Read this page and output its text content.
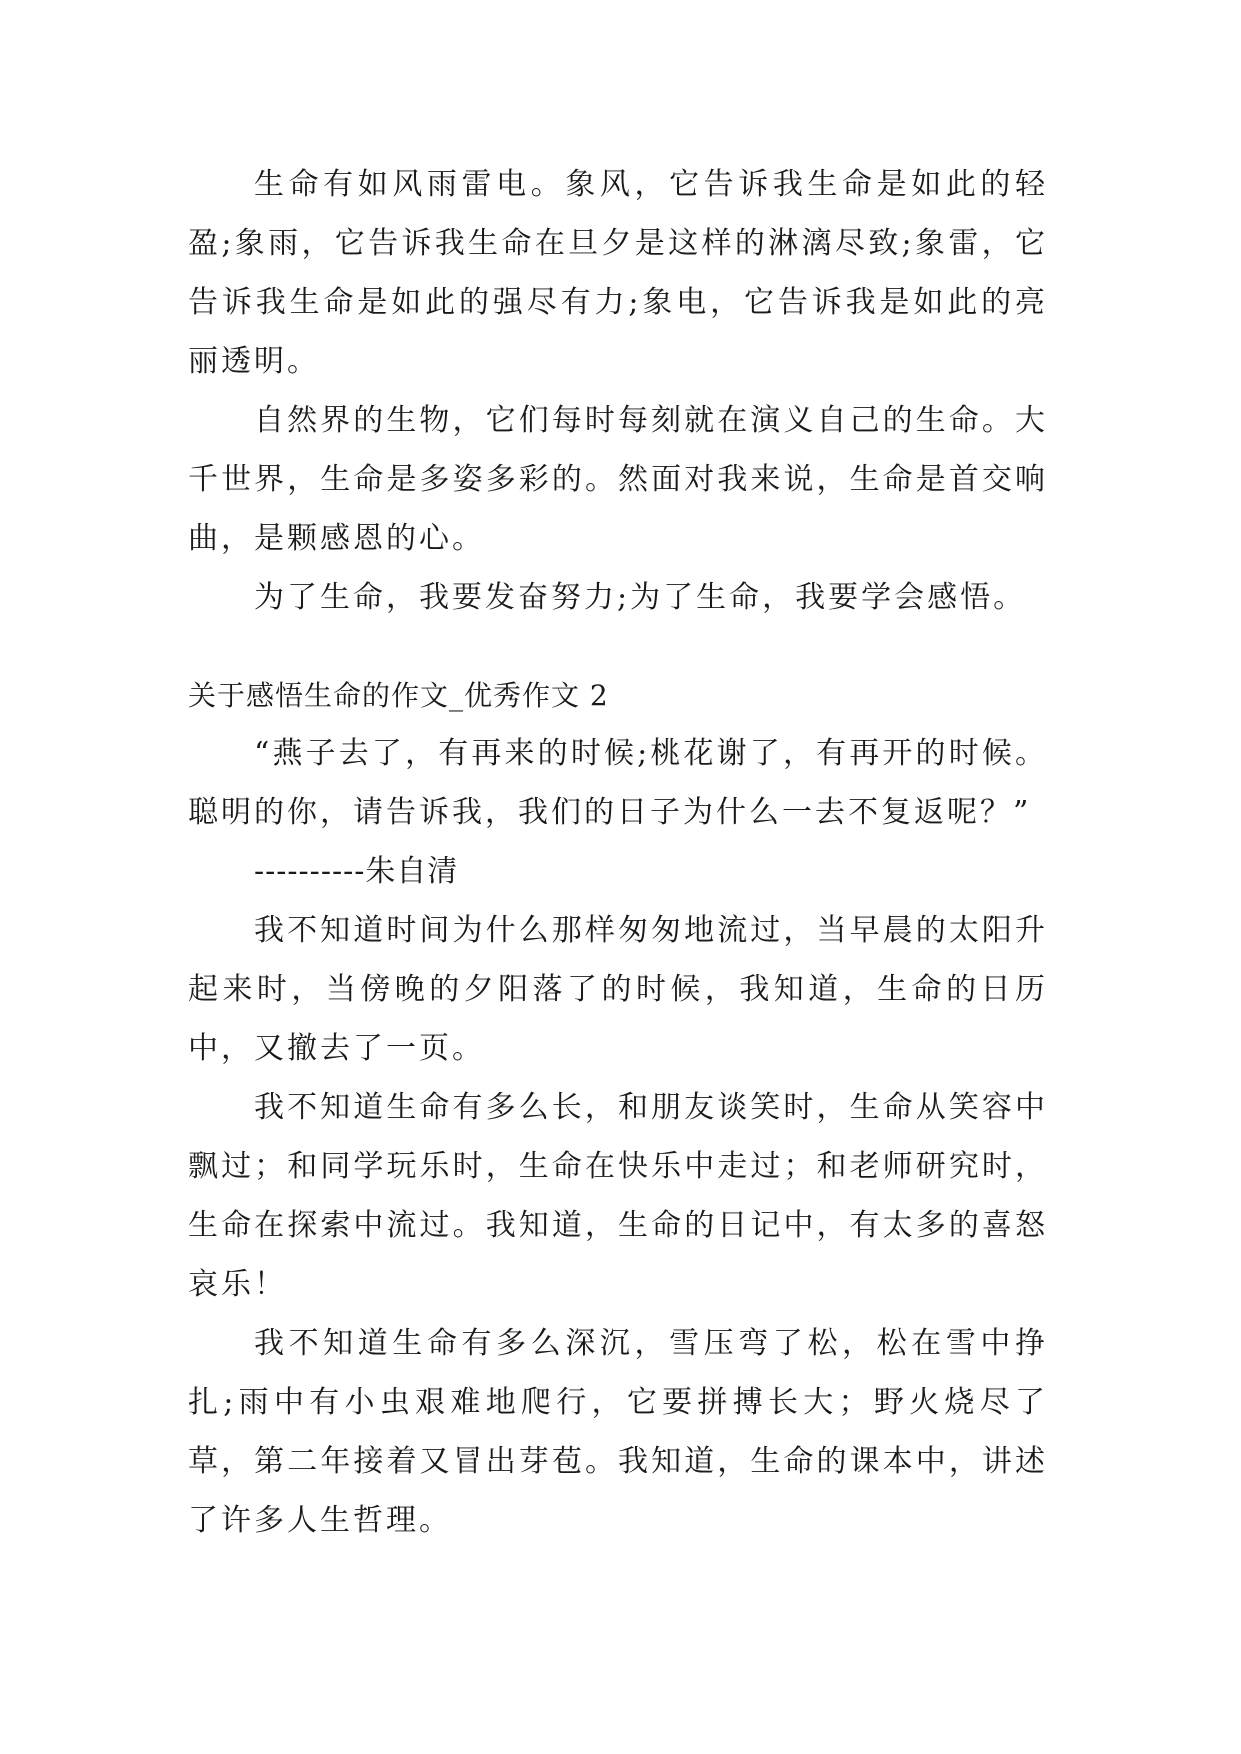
生命有如风雨雷电。象风，它告诉我生命是如此的轻盈;象雨，它告诉我生命在旦夕是这样的淋漓尽致;象雷，它告诉我生命是如此的强尽有力;象电，它告诉我是如此的亮丽透明。

自然界的生物，它们每时每刻就在演义自己的生命。大千世界，生命是多姿多彩的。然面对我来说，生命是首交响曲，是颗感恩的心。

为了生命，我要发奋努力;为了生命，我要学会感悟。

关于感悟生命的作文_优秀作文 2

“燕子去了，有再来的时候;桃花谢了，有再开的时候。聪明的你，请告诉我，我们的日子为什么一去不复返呢？”

----------朱自清

我不知道时间为什么那样匆匆地流过，当早晨的太阳升起来时，当傍晚的夕阳落了的时候，我知道，生命的日历中，又撤去了一页。

我不知道生命有多么长，和朋友谈笑时，生命从笑容中飘过；和同学玩乐时，生命在快乐中走过；和老师研究时，生命在探索中流过。我知道，生命的日记中，有太多的喜怒哀乐！

我不知道生命有多么深沉，雪压弯了松，松在雪中挣扎;雨中有小虫艰难地爬行，它要拼搏长大；野火烧尽了草，第二年接着又冒出芽苞。我知道，生命的课本中，讲述了许多人生哲理。
